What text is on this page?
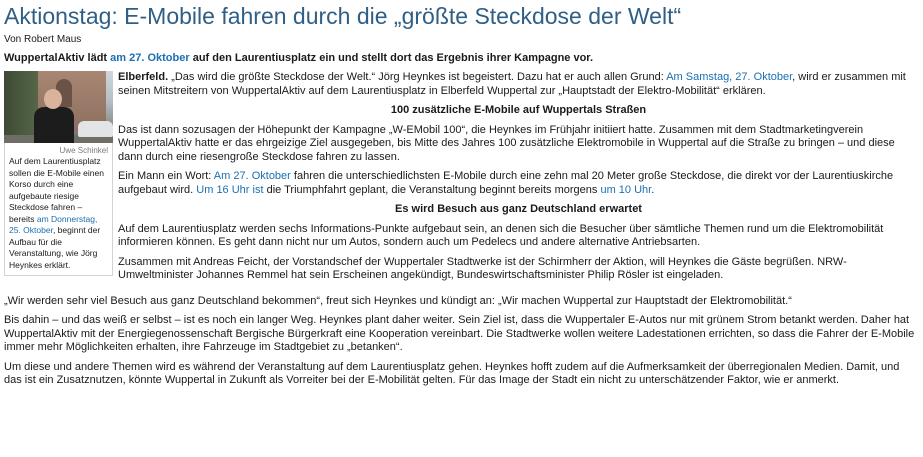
Aktionstag: E-Mobile fahren durch die „größte Steckdose der Welt“
Von Robert Maus
WuppertalAktiv lädt am 27. Oktober auf den Laurentiusplatz ein und stellt dort das Ergebnis ihrer Kampagne vor.
Uwe Schinkel
Auf dem Laurentiusplatz sollen die E-Mobile einen Korso durch eine aufgebaute riesige Steckdose fahren – bereits am Donnerstag, 25. Oktober, beginnt der Aufbau für die Veranstaltung, wie Jörg Heynkes erklärt.

Elberfeld. „Das wird die größte Steckdose der Welt.“ Jörg Heynkes ist begeistert. Dazu hat er auch allen Grund: Am Samstag, 27. Oktober, wird er zusammen mit seinen Mitstreitern von WuppertalAktiv auf dem Laurentiusplatz in Elberfeld Wuppertal zur „Hauptstadt der Elektro-Mobilität“ erklären.

100 zusätzliche E-Mobile auf Wuppertals Straßen

Das ist dann sozusagen der Höhepunkt der Kampagne „W-EMobil 100“, die Heynkes im Frühjahr initiiert hatte. Zusammen mit dem Stadtmarketingverein WuppertalAktiv hatte er das ehrgeizige Ziel ausgegeben, bis Mitte des Jahres 100 zusätzliche Elektromobile in Wuppertal auf die Straße zu bringen – und diese dann durch eine riesengroße Steckdose fahren zu lassen.

Ein Mann ein Wort: Am 27. Oktober fahren die unterschiedlichsten E-Mobile durch eine zehn mal 20 Meter große Steckdose, die direkt vor der Laurentiuskirche aufgebaut wird. Um 16 Uhr ist die Triumphfahrt geplant, die Veranstaltung beginnt bereits morgens um 10 Uhr.

Es wird Besuch aus ganz Deutschland erwartet

Auf dem Laurentiusplatz werden sechs Informations-Punkte aufgebaut sein, an denen sich die Besucher über sämtliche Themen rund um die Elektromobilität informieren können. Es geht dann nicht nur um Autos, sondern auch um Pedelecs und andere alternative Antriebsarten.

Zusammen mit Andreas Feicht, der Vorstandschef der Wuppertaler Stadtwerke ist der Schirmherr der Aktion, will Heynkes die Gäste begrüßen. NRW-Umweltminister Johannes Remmel hat sein Erscheinen angekündigt, Bundeswirtschaftsminister Philip Rösler ist eingeladen.

„Wir werden sehr viel Besuch aus ganz Deutschland bekommen“, freut sich Heynkes und kündigt an: „Wir machen Wuppertal zur Hauptstadt der Elektromobilität.“

Bis dahin – und das weiß er selbst – ist es noch ein langer Weg. Heynkes plant daher weiter. Sein Ziel ist, dass die Wuppertaler E-Autos nur mit grünem Strom betankt werden. Daher hat WuppertalAktiv mit der Energiegenossenschaft Bergische Bürgerkraft eine Kooperation vereinbart. Die Stadtwerke wollen weitere Ladestationen errichten, so dass die Fahrer der E-Mobile immer mehr Möglichkeiten erhalten, ihre Fahrzeuge im Stadtgebiet zu „betanken“.

Um diese und andere Themen wird es während der Veranstaltung auf dem Laurentiusplatz gehen. Heynkes hofft zudem auf die Aufmerksamkeit der überregionalen Medien. Damit, und das ist ein Zusatznutzen, könnte Wuppertal in Zukunft als Vorreiter bei der E-Mobilität gelten. Für das Image der Stadt ein nicht zu unterschätzender Faktor, wie er anmerkt.
